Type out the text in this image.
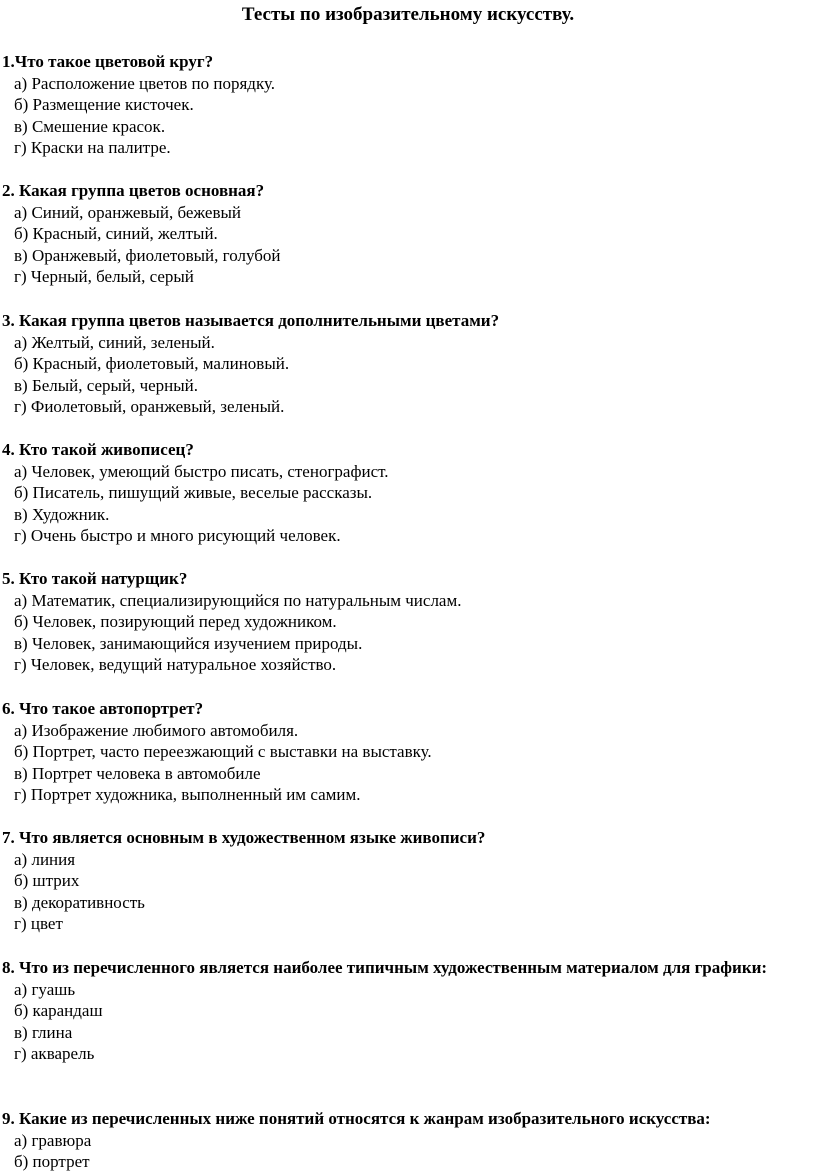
Тесты по изобразительному искусству.

1.Что такое цветовой круг?

а) Расположение цветов по порядку.

б) Размещение кисточек.

в) Смешение красок.

г) Краски на палитре.

2. Какая группа цветов основная?

а) Синий, оранжевый, бежевый

б) Красный, синий, желтый.

в) Оранжевый, фиолетовый, голубой

г) Черный, белый, серый

3. Какая группа цветов называется дополнительными цветами?

а) Желтый, синий, зеленый.

б) Красный, фиолетовый, малиновый.

в) Белый, серый, черный.

г) Фиолетовый, оранжевый, зеленый.

4. Кто такой живописец?

а) Человек, умеющий быстро писать, стенографист.

б) Писатель, пишущий живые, веселые рассказы.

в) Художник.

г) Очень быстро и много рисующий человек.

5. Кто такой натурщик?

а) Математик, специализирующийся по натуральным числам.

б) Человек, позирующий перед художником.

в) Человек, занимающийся изучением природы.

г) Человек, ведущий натуральное хозяйство.

6. Что такое автопортрет?

а) Изображение любимого автомобиля.

б) Портрет, часто переезжающий с выставки на выставку.

в) Портрет человека в автомобиле

г) Портрет художника, выполненный им самим.

7. Что является основным в художественном языке живописи?

а) линия

б) штрих

в) декоративность

г) цвет

8. Что из перечисленного является наиболее типичным художественным материалом для графики:

а) гуашь

б) карандаш

в) глина

г) акварель

9. Какие из перечисленных ниже понятий относятся к жанрам изобразительного искусства:

а) гравюра

б) портрет
